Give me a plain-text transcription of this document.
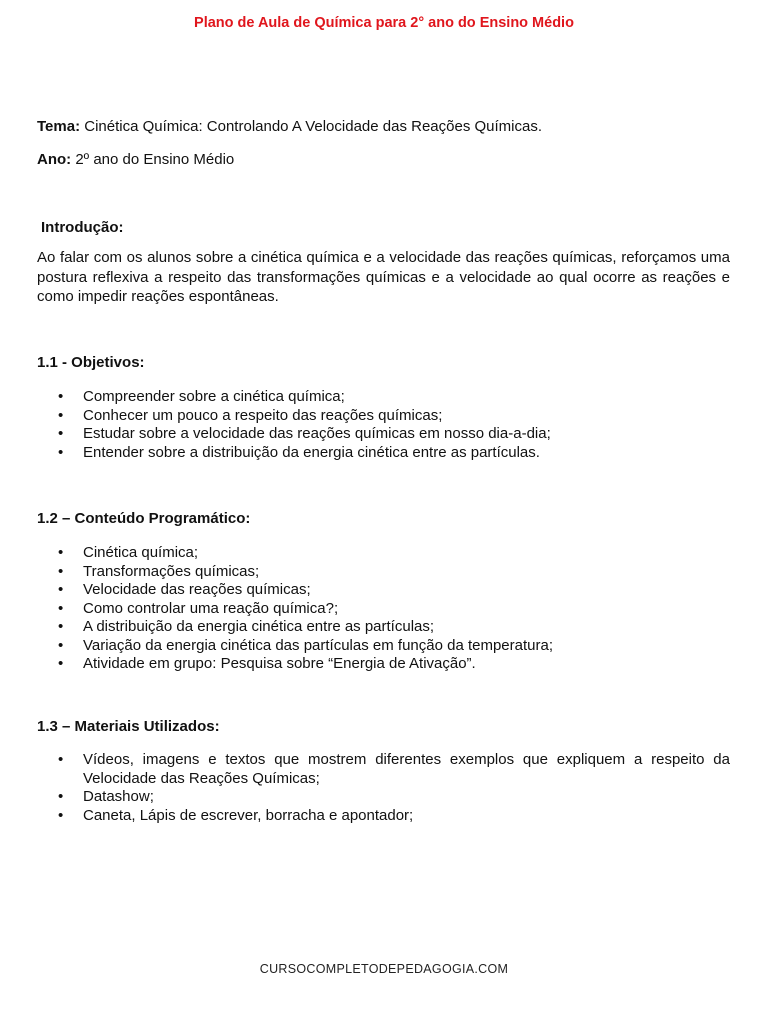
Plano de Aula de Química para 2° ano do Ensino Médio
Tema: Cinética Química: Controlando A Velocidade das Reações Químicas.
Ano: 2º ano do Ensino Médio
Introdução:
Ao falar com os alunos sobre a cinética química e a velocidade das reações químicas, reforçamos uma postura reflexiva a respeito das transformações químicas e a velocidade ao qual ocorre as reações e como impedir reações espontâneas.
1.1 - Objetivos:
• Compreender sobre a cinética química;
• Conhecer um pouco a respeito das reações químicas;
• Estudar sobre a velocidade das reações químicas em nosso dia-a-dia;
• Entender sobre a distribuição da energia cinética entre as partículas.
1.2 – Conteúdo Programático:
• Cinética química;
• Transformações químicas;
• Velocidade das reações químicas;
• Como controlar uma reação química?;
• A distribuição da energia cinética entre as partículas;
• Variação da energia cinética das partículas em função da temperatura;
• Atividade em grupo: Pesquisa sobre “Energia de Ativação”.
1.3 – Materiais Utilizados:
• Vídeos, imagens e textos que mostrem diferentes exemplos que expliquem a respeito da Velocidade das Reações Químicas;
• Datashow;
• Caneta, Lápis de escrever, borracha e apontador;
CURSOCOMPLETODEPEDAGOGIA.COM
